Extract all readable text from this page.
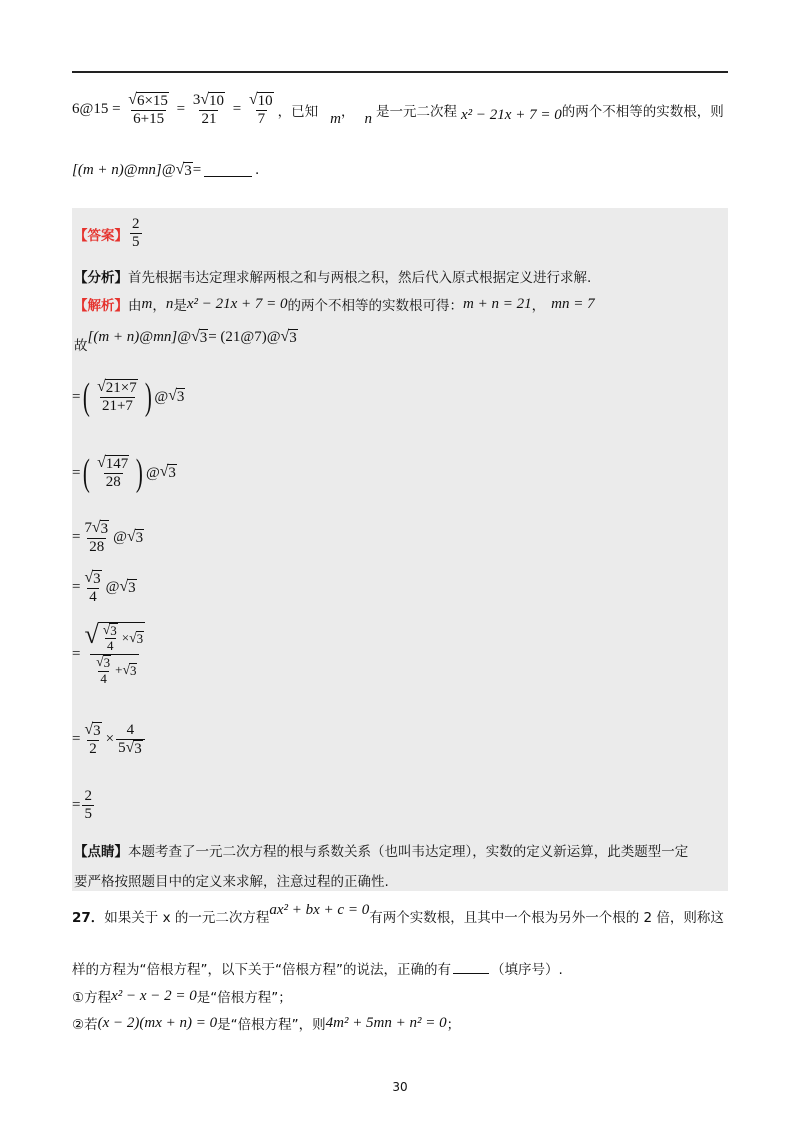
6@15 = $\frac{√ 6\times 15}{6+15} = \frac{3 √ 10}{21} = \frac{√ 10}{7}$ ，已知 m ， n 是一元二次程 x² − 21x + 7 = 0 的两个不相等的实数根，则
[(m + n)@mn]@ √ 3 =	.
【答案】 $\frac{2}{5}$
【分析】首先根据韦达定理求解两根之和与两根之积，然后代入原式根据定义进行求解.
【解析】 由 m ， n 是 x² − 21x + 7 = 0 的两个不相等的实数根可得： m + n = 21 ， mn = 7
故
[(m + n)@mn]@ √ 3 = (21@7)@ √ 3
= ( $\frac{√ 21\times 7}{21+7}$ ) @ √ 3
= ( $\frac{√ 147}{28}$ ) @ √ 3
= $\frac{7 √ 3}{28}$ @ √ 3
= $\frac{√ 3}{4}$ @ √ 3
= $\frac{√ \frac{√ 3}{4} \times √ 3}{\frac{√ 3}{4} + √ 3}$
= $\frac{√ 3}{2} \times \frac{4}{5 √ 3}$
= $\frac{2}{5}$
【点睛】本题考查了一元二次方程的根与系数关系（也叫韦达定理），实数的定义新运算，此类题型一定
要严格按照题目中的定义来求解，注意过程的正确性.
27． 如果关于 x 的一元二次方程
ax² + bx + c = 0
有两个实数根，且其中一个根为另外一个根的 2 倍，则称这
样的方程为“倍根方程”，以下关于“倍根方程”的说法，正确的有	（填序号）.
①方程 x² − x − 2 = 0 是“倍根方程”；
②若 (x − 2)(mx + n) = 0 是“倍根方程”，则 4m² + 5mn + n² = 0 ；
30
